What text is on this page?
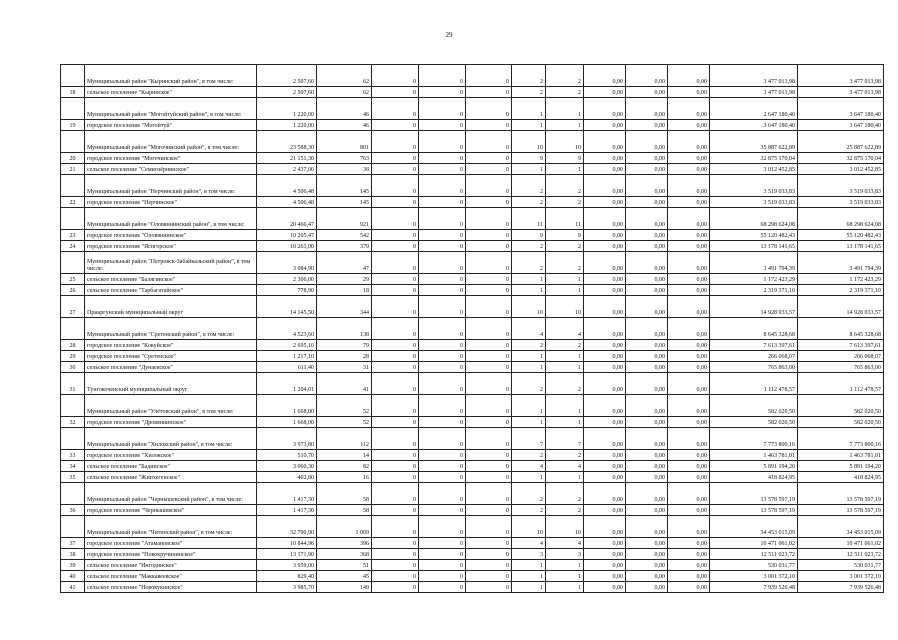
29
	Муниципальный район "Кыринский район", в том числе:	2 507,60	62	0	0	0	2	2	0,00	0,00	0,00	3 477 013,98	3 477 013,98
18	сельское поселение "Кыринское"	2 507,60	62	0	0	0	2	2	0,00	0,00	0,00	3 477 013,98	3 477 013,98
	Муниципальный район "Могойтуйский район", в том числе:	1 220,00	46	0	0	0	1	1	0,00	0,00	0,00	2 647 180,40	3 647 180,40
19	городское поселение "Могойтуй"	1 220,00	46	0	0	0	1	1	0,00	0,00	0,00	3 647 180,40	3 647 180,40
	Муниципальный район "Могочинский район", в том числе:	23 588,30	801	0	0	0	10	10	0,00	0,00	0,00	35 887 622,89	25 887 622,89
20	городское поселение "Могочинское"	21 151,30	763	0	0	0	9	9	0,00	0,00	0,00	32 875 170,04	32 875 170,04
21	сельское поселение "Семиозёрнинское"	2 437,00	38	0	0	0	1	1	0,00	0,00	0,00	3 012 452,85	3 012 452,85
	Муниципальный район "Нерчинский район", в том числе:	4 506,48	145	0	0	0	2	2	0,00	0,00	0,00	3 519 033,83	3 519 033,83
22	городское поселение "Нерчинское"	4 506,48	145	0	0	0	2	2	0,00	0,00	0,00	3 519 033,83	3 519 033,83
	Муниципальный район "Оловяннинский район", в том числе:	20 466,47	921	0	0	0	11	11	0,00	0,00	0,00	68 298 624,08	68 298 624,08
23	городское поселение "Оловяннинское"	10 205,47	542	0	0	0	9	9	0,00	0,00	0,00	55 120 482,43	55 120 482,43
24	городское поселение "Яснгорское"	10 261,00	379	0	0	0	2	2	0,00	0,00	0,00	13 178 141,65	13 178 141,65
	Муниципальный район "Петровск-Забайкальский район", в том числе:	3 084,90	47	0	0	0	2	2	0,00	0,00	0,00	3 491 794,39	3 491 794,39
25	сельское поселение "Балягинское"	2 306,00	29	0	0	0	1	1	0,00	0,00	0,00	1 172 423,29	1 172 423,29
26	сельское поселение "Тарбагатайское"	778,90	18	0	0	0	1	1	0,00	0,00	0,00	2 319 371,10	2 319 371,10
27	Приаргунский муниципальный округ	14 145,50	344	0	0	0	10	10	0,00	0,00	0,00	14 928 033,57	14 928 033,57
	Муниципальный район "Сретенский район", в том числе:	4 523,60	138	0	0	0	4	4	0,00	0,00	0,00	8 645 328,68	8 645 328,68
28	городское поселение "Кокуйское"	2 695,10	79	0	0	0	2	2	0,00	0,00	0,00	7 613 397,61	7 613 397,61
29	городское поселение "Сретенское"	1 217,10	28	0	0	0	1	1	0,00	0,00	0,00	266 068,07	266 068,07
30	сельское поселение "Дунаевское"	611,40	31	0	0	0	1	1	0,00	0,00	0,00	765 863,00	765 863,00
31	Тунгокоченский муниципальный округ	1 204,01	41	0	0	0	2	2	0,00	0,00	0,00	1 112 478,57	1 112 478,57
	Муниципальный район "Улётовский район", в том числе:	1 668,00	52	0	0	0	1	1	0,00	0,00	0,00	582 020,50	582 020,50
32	городское поселение "Дровяниинское"	1 668,00	52	0	0	0	1	1	0,00	0,00	0,00	582 020,50	582 020,50
	Муниципальный район "Хилокский район", в том числе:	3 973,80	112	0	0	0	7	7	0,00	0,00	0,00	7 773 800,16	7 773 800,16
33	городское поселение "Хилокское"	510,70	14	0	0	0	2	2	0,00	0,00	0,00	1 463 781,01	1 463 781,01
34	сельское поселение "Бадинское"	3 060,30	82	0	0	0	4	4	0,00	0,00	0,00	5 891 194,20	5 891 194,20
35	сельское поселение "Жипхегенское"	402,80	16	0	0	0	1	1	0,00	0,00	0,00	418 824,95	418 824,95
	Муниципальный район "Чернышевский район", в том числе:	1 417,30	58	0	0	0	2	2	0,00	0,00	0,00	13 578 597,19	13 578 597,19
36	городское поселение "Чернышевское"	1 417,30	58	0	0	0	2	2	0,00	0,00	0,00	13 578 597,19	13 578 597,19
	Муниципальный район "Читинский район", в том числе:	32 790,90	1 009	0	0	0	10	10	0,00	0,00	0,00	34 453 015,09	34 453 015,09
37	городское поселение "Атамановское"	10 844,96	396	0	0	0	4	4	0,00	0,00	0,00	10 471 061,02	10 471 061,02
38	городское поселение "Новокручининское"	13 171,90	368	0	0	0	3	3	0,00	0,00	0,00	12 511 023,72	12 511 023,72
39	сельское поселение "Ингодинское"	3 959,00	51	0	0	0	1	1	0,00	0,00	0,00	530 031,77	530 031,77
40	сельское поселение "Маккавеевское"	829,40	45	0	0	0	1	1	0,00	0,00	0,00	3 001 372,10	3 001 372,10
41	сельское поселение "Новокукинское"	3 985,70	149	0	0	0	1	1	0,00	0,00	0,00	7 939 526,48	7 939 526,48
